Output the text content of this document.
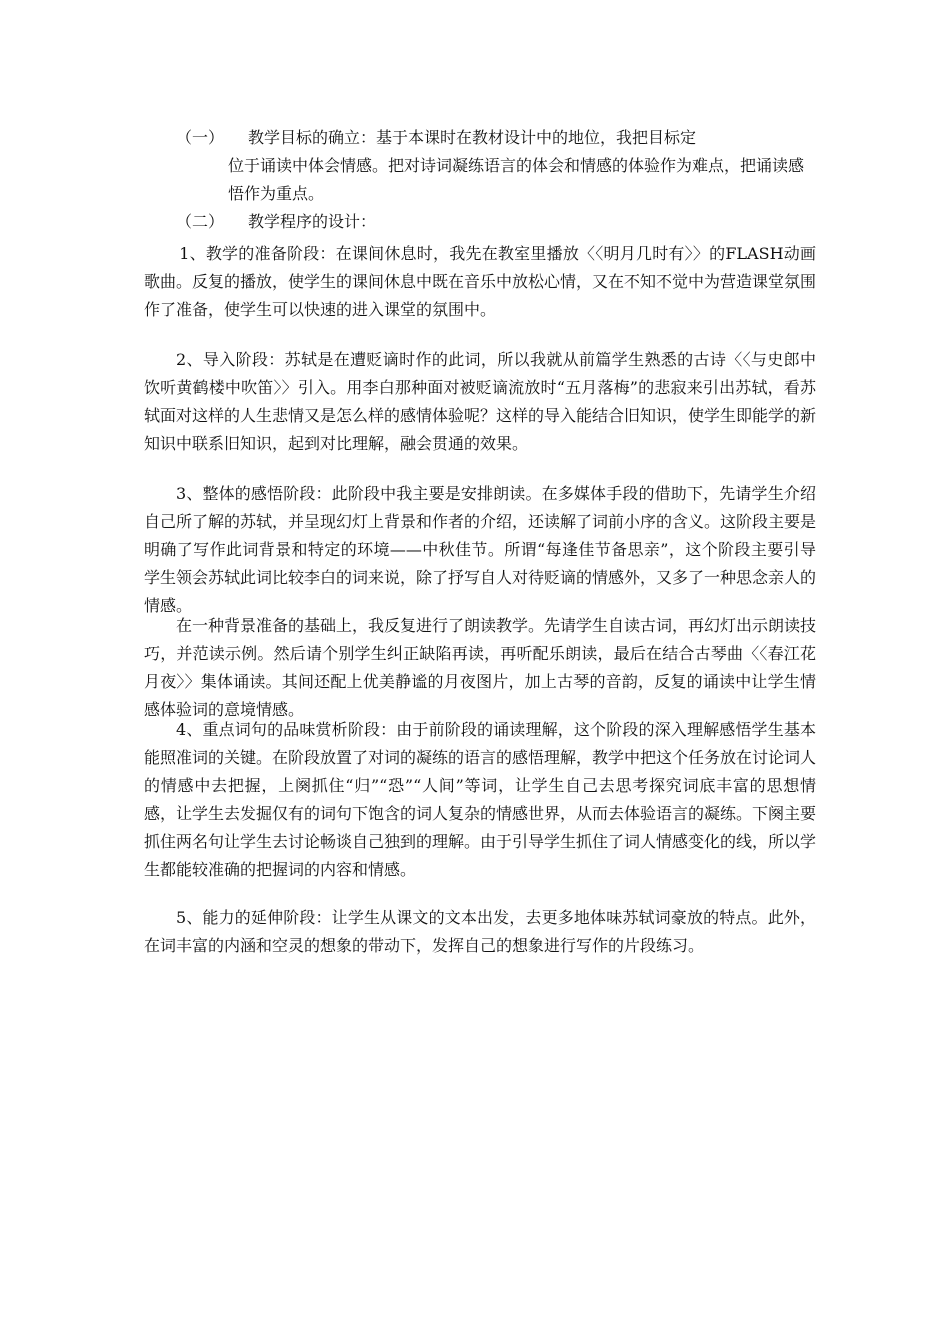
（一） 教学目标的确立：基于本课时在教材设计中的地位，我把目标定
位于诵读中体会情感。把对诗词凝练语言的体会和情感的体验作为难点，把诵读感悟作为重点。
（二） 教学程序的设计：
1、教学的准备阶段：在课间休息时，我先在教室里播放〈〈明月几时有〉〉的FLASH动画歌曲。反复的播放，使学生的课间休息中既在音乐中放松心情，又在不知不觉中为营造课堂氛围作了准备，使学生可以快速的进入课堂的氛围中。
2、导入阶段：苏轼是在遭贬谪时作的此词，所以我就从前篇学生熟悉的古诗〈〈与史郎中饮听黄鹤楼中吹笛〉〉引入。用李白那种面对被贬谪流放时“五月落梅”的悲寂来引出苏轼，看苏轼面对这样的人生悲情又是怎么样的感情体验呢？这样的导入能结合旧知识，使学生即能学的新知识中联系旧知识，起到对比理解，融会贯通的效果。
3、整体的感悟阶段：此阶段中我主要是安排朗读。在多媒体手段的借助下，先请学生介绍自己所了解的苏轼，并呈现幻灯上背景和作者的介绍，还读解了词前小序的含义。这阶段主要是明确了写作此词背景和特定的环境——中秋佳节。所谓“每逢佳节备思亲”，这个阶段主要引导学生领会苏轼此词比较李白的词来说，除了抒写自人对待贬谪的情感外，又多了一种思念亲人的情感。
在一种背景准备的基础上，我反复进行了朗读教学。先请学生自读古词，再幻灯出示朗读技巧，并范读示例。然后请个别学生纠正缺陷再读，再听配乐朗读，最后在结合古琴曲〈〈春江花月夜〉〉集体诵读。其间还配上优美静谧的月夜图片，加上古琴的音韵，反复的诵读中让学生情感体验词的意境情感。
4、重点词句的品味赏析阶段：由于前阶段的诵读理解，这个阶段的深入理解感悟学生基本能照准词的关键。在阶段放置了对词的凝练的语言的感悟理解，教学中把这个任务放在讨论词人的情感中去把握，上阕抓住“归”“恐”“人间”等词，让学生自己去思考探究词底丰富的思想情感，让学生去发掘仅有的词句下饱含的词人复杂的情感世界，从而去体验语言的凝练。下阕主要抓住两名句让学生去讨论畅谈自己独到的理解。由于引导学生抓住了词人情感变化的线，所以学生都能较准确的把握词的内容和情感。
5、能力的延伸阶段：让学生从课文的文本出发，去更多地体味苏轼词豪放的特点。此外，在词丰富的内涵和空灵的想象的带动下，发挥自己的想象进行写作的片段练习。
